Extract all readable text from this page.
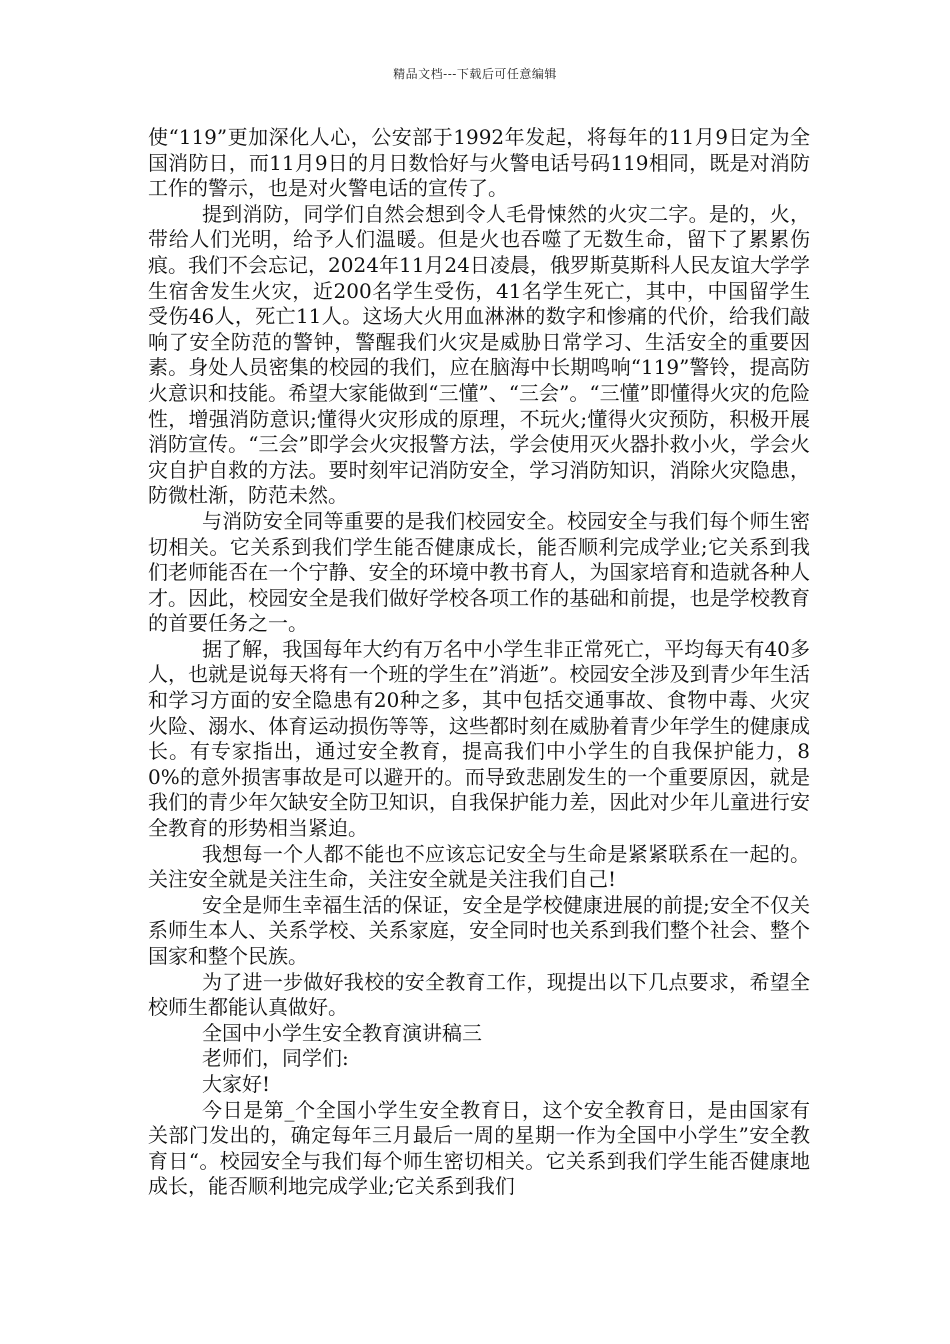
精品文档---下载后可任意编辑

使“119”更加深化人心，公安部于1992年发起，将每年的11月9日定为全国消防日，而11月9日的月日数恰好与火警电话号码119相同，既是对消防工作的警示，也是对火警电话的宣传了。

提到消防，同学们自然会想到令人毛骨悚然的火灾二字。是的，火，带给人们光明，给予人们温暖。但是火也吞噬了无数生命，留下了累累伤痕。我们不会忘记，2024年11月24日凌晨，俄罗斯莫斯科人民友谊大学学生宿舍发生火灾，近200名学生受伤，41名学生死亡，其中，中国留学生受伤46人，死亡11人。这场大火用血淋淋的数字和惨痛的代价，给我们敲响了安全防范的警钟，警醒我们火灾是威胁日常学习、生活安全的重要因素。身处人员密集的校园的我们，应在脑海中长期鸣响“119”警铃，提高防火意识和技能。希望大家能做到“三懂”、“三会”。“三懂”即懂得火灾的危险性，增强消防意识;懂得火灾形成的原理，不玩火;懂得火灾预防，积极开展消防宣传。“三会”即学会火灾报警方法，学会使用灭火器扑救小火，学会火灾自护自救的方法。要时刻牢记消防安全，学习消防知识，消除火灾隐患，防微杜渐，防范未然。

与消防安全同等重要的是我们校园安全。校园安全与我们每个师生密切相关。它关系到我们学生能否健康成长，能否顺利完成学业;它关系到我们老师能否在一个宁静、安全的环境中教书育人，为国家培育和造就各种人才。因此，校园安全是我们做好学校各项工作的基础和前提，也是学校教育的首要任务之一。

据了解，我国每年大约有万名中小学生非正常死亡，平均每天有40多人，也就是说每天将有一个班的学生在”消逝”。校园安全涉及到青少年生活和学习方面的安全隐患有20种之多，其中包括交通事故、食物中毒、火灾火险、溺水、体育运动损伤等等，这些都时刻在威胁着青少年学生的健康成长。有专家指出，通过安全教育，提高我们中小学生的自我保护能力，80%的意外损害事故是可以避开的。而导致悲剧发生的一个重要原因，就是我们的青少年欠缺安全防卫知识，自我保护能力差，因此对少年儿童进行安全教育的形势相当紧迫。

我想每一个人都不能也不应该忘记安全与生命是紧紧联系在一起的。关注安全就是关注生命，关注安全就是关注我们自己!

安全是师生幸福生活的保证，安全是学校健康进展的前提;安全不仅关系师生本人、关系学校、关系家庭，安全同时也关系到我们整个社会、整个国家和整个民族。

为了进一步做好我校的安全教育工作，现提出以下几点要求，希望全校师生都能认真做好。

全国中小学生安全教育演讲稿三

老师们，同学们:

大家好!

今日是第_个全国小学生安全教育日，这个安全教育日，是由国家有关部门发出的，确定每年三月最后一周的星期一作为全国中小学生”安全教育日“。校园安全与我们每个师生密切相关。它关系到我们学生能否健康地成长，能否顺利地完成学业;它关系到我们
